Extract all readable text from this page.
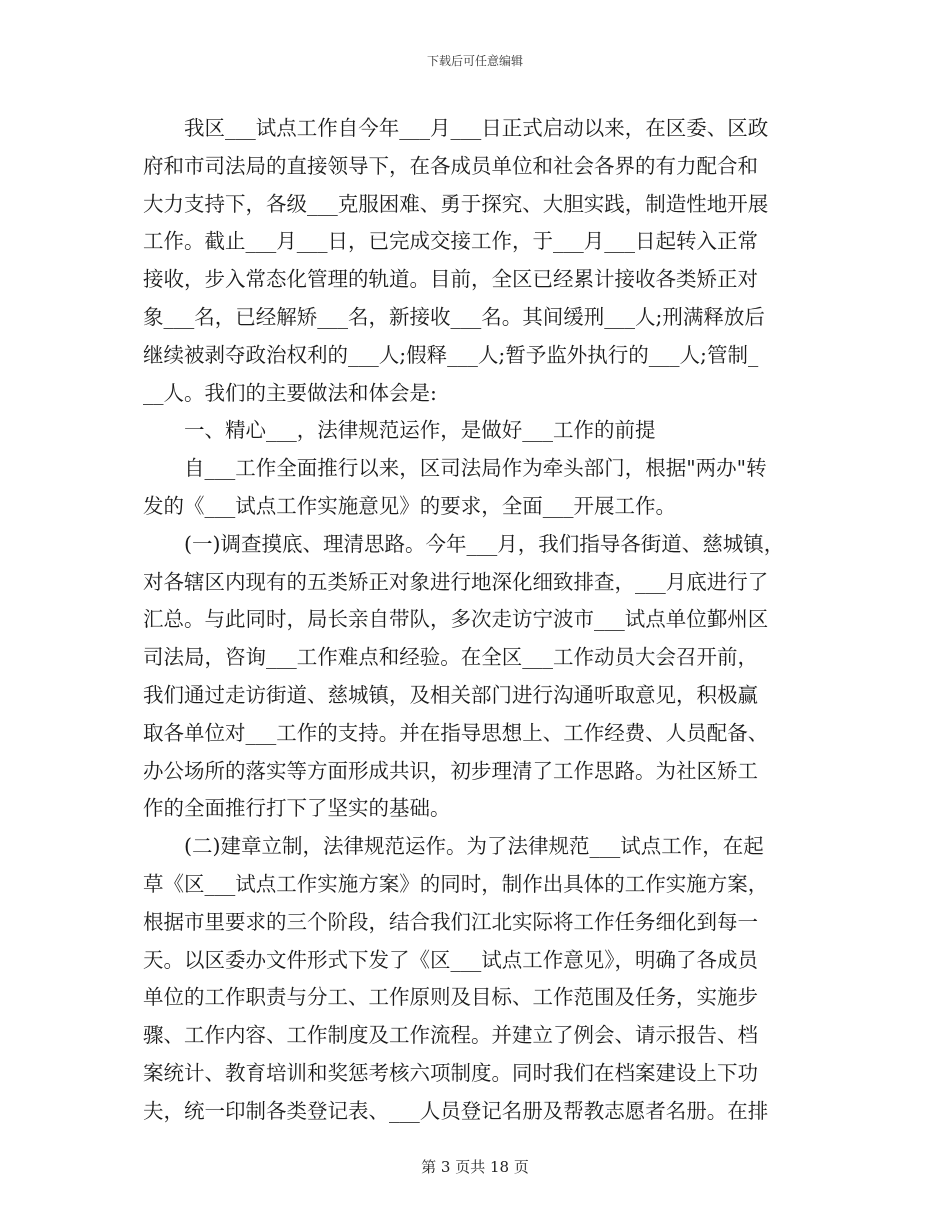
下载后可任意编辑
我区___试点工作自今年___月___日正式启动以来，在区委、区政
府和市司法局的直接领导下，在各成员单位和社会各界的有力配合和
大力支持下，各级___克服困难、勇于探究、大胆实践，制造性地开展
工作。截止___月___日，已完成交接工作，于___月___日起转入正常
接收，步入常态化管理的轨道。目前，全区已经累计接收各类矫正对
象___名，已经解矫___名，新接收___名。其间缓刑___人;刑满释放后
继续被剥夺政治权利的___人;假释___人;暂予监外执行的___人;管制_
__人。我们的主要做法和体会是:
一、精心___，法律规范运作，是做好___工作的前提
自___工作全面推行以来，区司法局作为牵头部门，根据"两办"转
发的《___试点工作实施意见》的要求，全面___开展工作。
(一)调查摸底、理清思路。今年___月，我们指导各街道、慈城镇，
对各辖区内现有的五类矫正对象进行地深化细致排查，___月底进行了
汇总。与此同时，局长亲自带队，多次走访宁波市___试点单位鄞州区
司法局，咨询___工作难点和经验。在全区___工作动员大会召开前，
我们通过走访街道、慈城镇，及相关部门进行沟通听取意见，积极赢
取各单位对___工作的支持。并在指导思想上、工作经费、人员配备、
办公场所的落实等方面形成共识，初步理清了工作思路。为社区矫工
作的全面推行打下了坚实的基础。
(二)建章立制，法律规范运作。为了法律规范___试点工作，在起
草《区___试点工作实施方案》的同时，制作出具体的工作实施方案，
根据市里要求的三个阶段，结合我们江北实际将工作任务细化到每一
天。以区委办文件形式下发了《区___试点工作意见》，明确了各成员
单位的工作职责与分工、工作原则及目标、工作范围及任务，实施步
骤、工作内容、工作制度及工作流程。并建立了例会、请示报告、档
案统计、教育培训和奖惩考核六项制度。同时我们在档案建设上下功
夫，统一印制各类登记表、___人员登记名册及帮教志愿者名册。在排
第 3 页共 18 页
